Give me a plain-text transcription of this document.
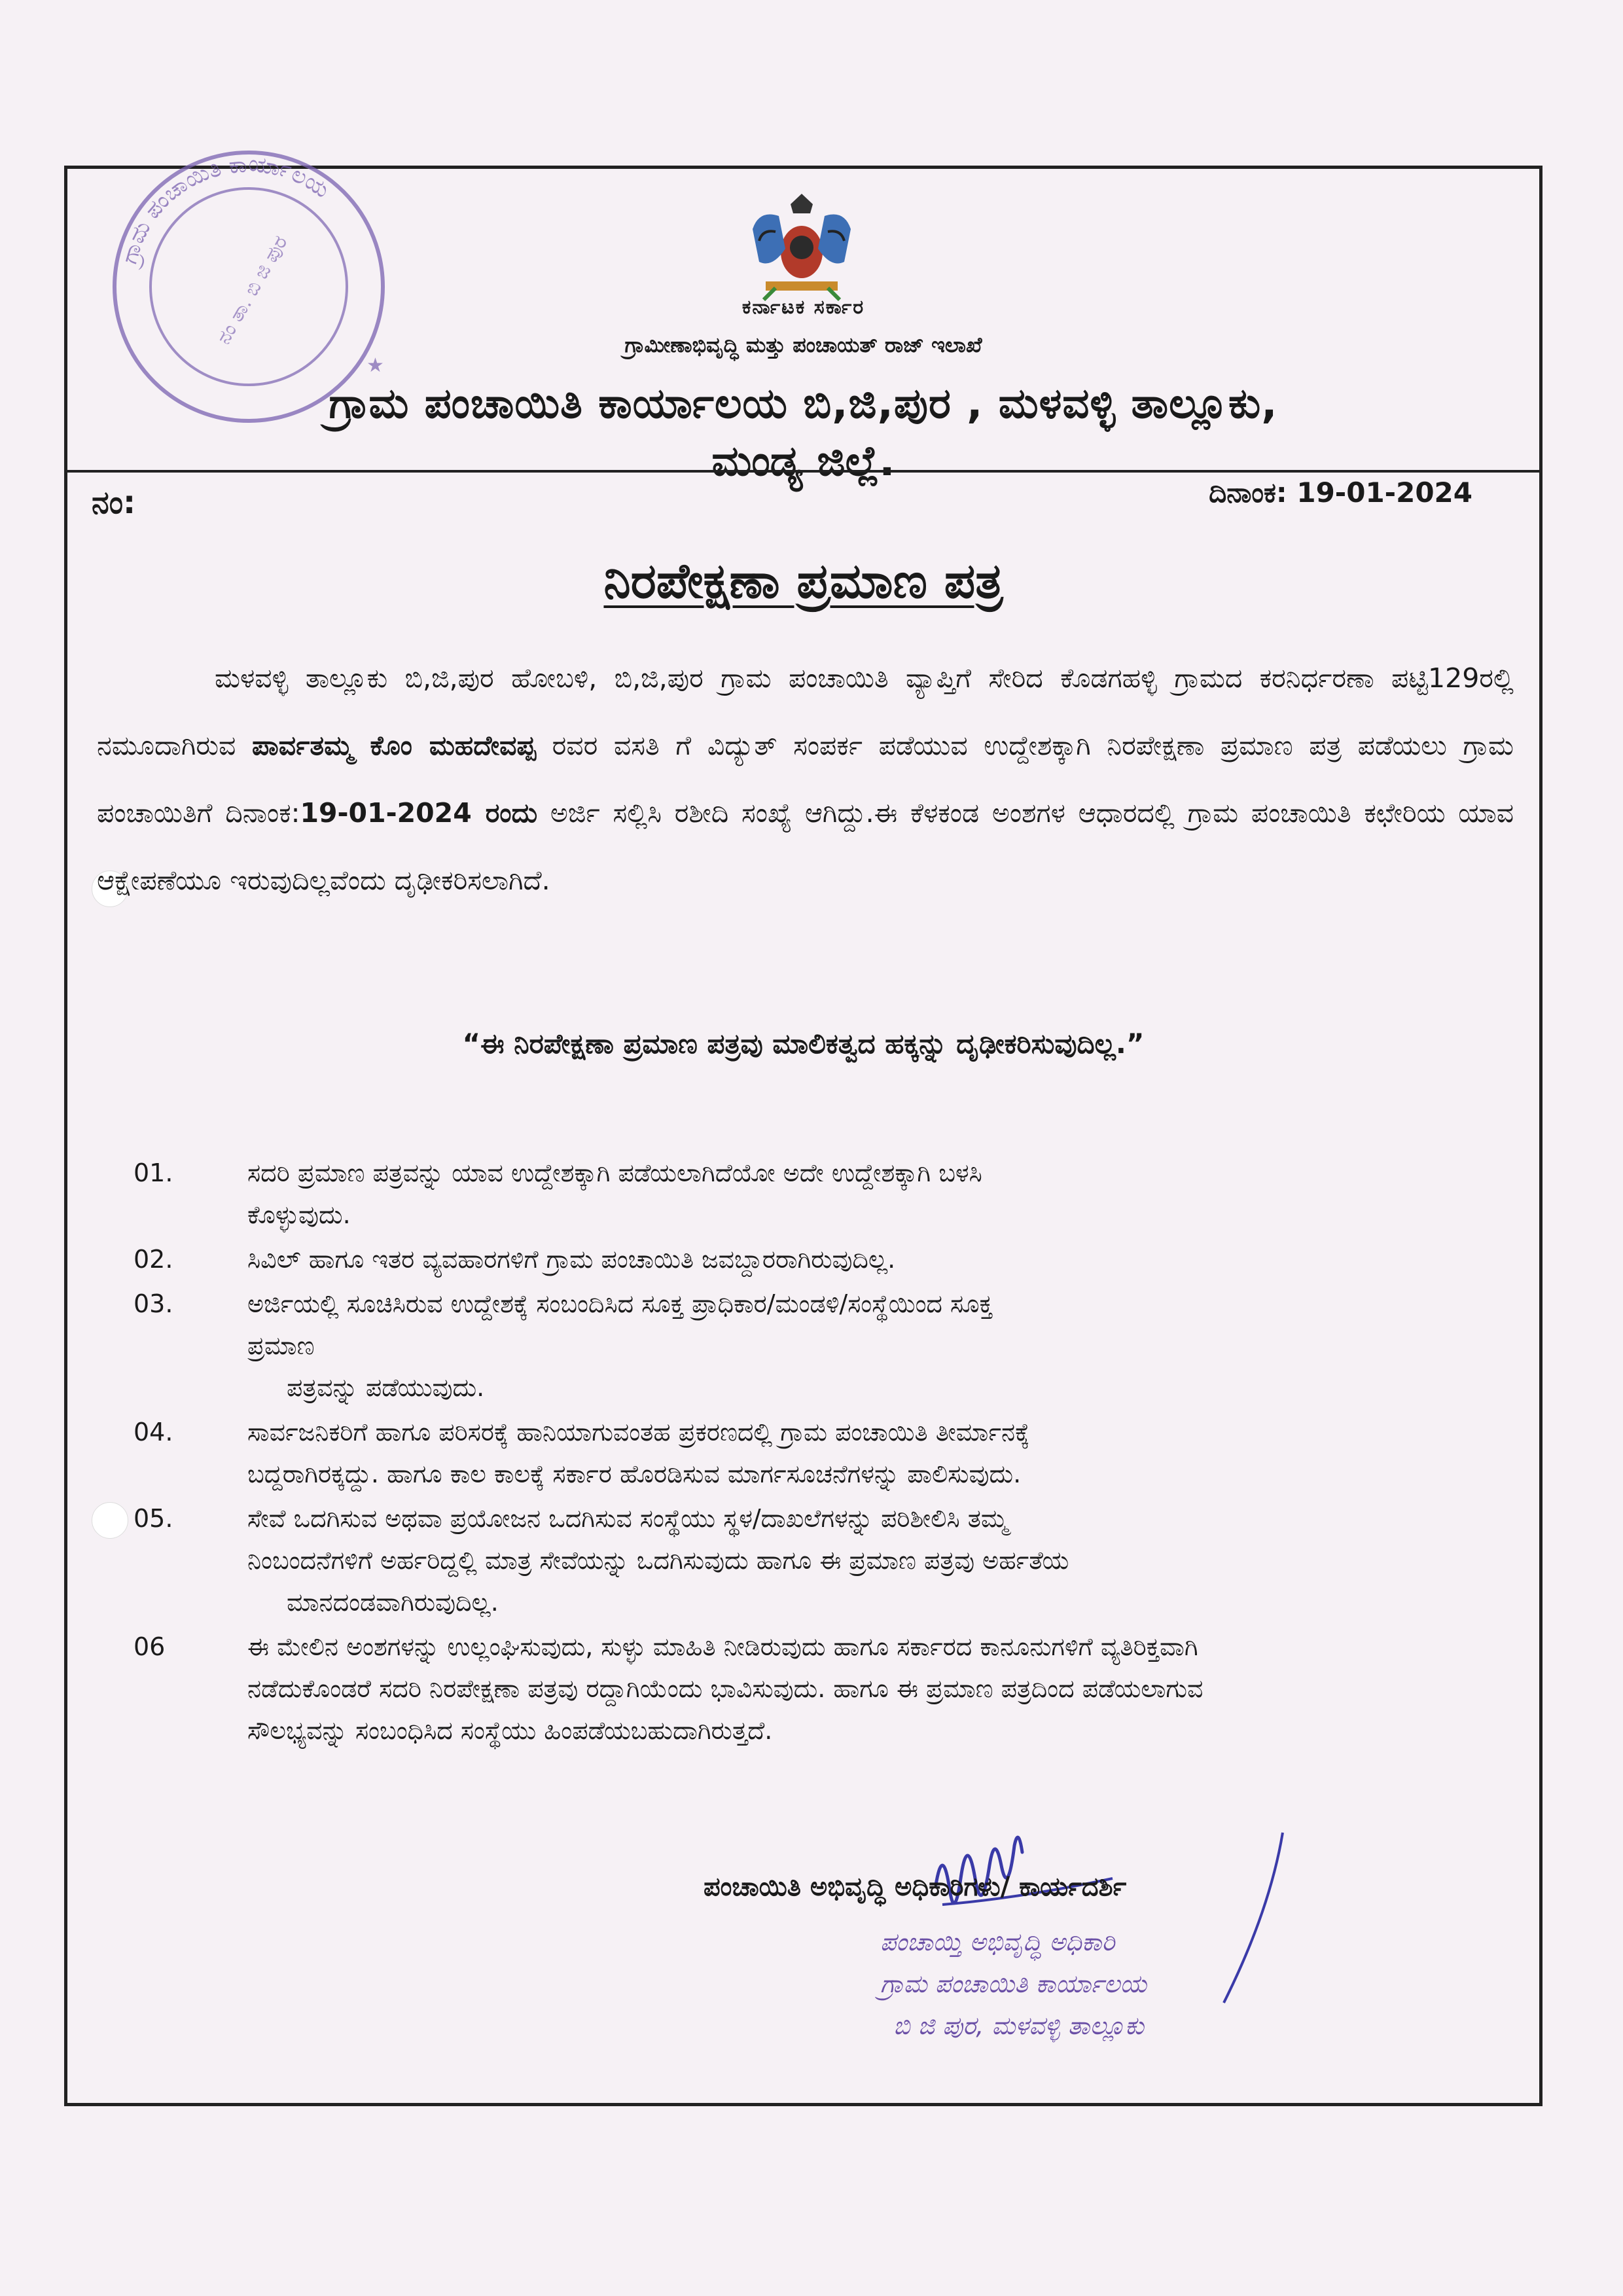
ಗ್ರಾಮ ಪಂಚಾಯಿತಿ ಕಾರ್ಯಾಲಯ
ನಂ ತಾ. ಬಿ ಜಿ ಪುರ
★
ಕರ್ನಾಟಕ ಸರ್ಕಾರ
ಗ್ರಾಮೀಣಾಭಿವೃದ್ಧಿ ಮತ್ತು ಪಂಚಾಯತ್ ರಾಜ್ ಇಲಾಖೆ
ಗ್ರಾಮ ಪಂಚಾಯಿತಿ ಕಾರ್ಯಾಲಯ ಬಿ,ಜಿ,ಪುರ , ಮಳವಳ್ಳಿ ತಾಲ್ಲೂಕು,
ಮಂಡ್ಯ ಜಿಲ್ಲೆ.
ನಂ:	ದಿನಾಂಕ: 19-01-2024
ನಿರಪೇಕ್ಷಣಾ ಪ್ರಮಾಣ ಪತ್ರ
ಮಳವಳ್ಳಿ ತಾಲ್ಲೂಕು ಬಿ,ಜಿ,ಪುರ ಹೋಬಳಿ, ಬಿ,ಜಿ,ಪುರ ಗ್ರಾಮ ಪಂಚಾಯಿತಿ ವ್ಯಾಪ್ತಿಗೆ ಸೇರಿದ ಕೊಡಗಹಳ್ಳಿ ಗ್ರಾಮದ ಕರನಿರ್ಧರಣಾ ಪಟ್ಟಿ129ರಲ್ಲಿ ನಮೂದಾಗಿರುವ ಪಾರ್ವತಮ್ಮ ಕೊಂ ಮಹದೇವಪ್ಪ ರವರ ವಸತಿ ಗೆ ವಿದ್ಯುತ್ ಸಂಪರ್ಕ ಪಡೆಯುವ ಉದ್ದೇಶಕ್ಕಾಗಿ ನಿರಪೇಕ್ಷಣಾ ಪ್ರಮಾಣ ಪತ್ರ ಪಡೆಯಲು ಗ್ರಾಮ ಪಂಚಾಯಿತಿಗೆ ದಿನಾಂಕ:19-01-2024 ರಂದು ಅರ್ಜಿ ಸಲ್ಲಿಸಿ ರಶೀದಿ ಸಂಖ್ಯೆ ಆಗಿದ್ದು.ಈ ಕೆಳಕಂಡ ಅಂಶಗಳ ಆಧಾರದಲ್ಲಿ ಗ್ರಾಮ ಪಂಚಾಯಿತಿ ಕಛೇರಿಯ ಯಾವ ಆಕ್ಷೇಪಣೆಯೂ ಇರುವುದಿಲ್ಲವೆಂದು ದೃಢೀಕರಿಸಲಾಗಿದೆ.
“ಈ ನಿರಪೇಕ್ಷಣಾ ಪ್ರಮಾಣ ಪತ್ರವು ಮಾಲಿಕತ್ವದ ಹಕ್ಕನ್ನು ದೃಢೀಕರಿಸುವುದಿಲ್ಲ.”
01.	ಸದರಿ ಪ್ರಮಾಣ ಪತ್ರವನ್ನು ಯಾವ ಉದ್ದೇಶಕ್ಕಾಗಿ ಪಡೆಯಲಾಗಿದೆಯೋ ಅದೇ ಉದ್ದೇಶಕ್ಕಾಗಿ ಬಳಸಿ
ಕೊಳ್ಳುವುದು.
02.	ಸಿವಿಲ್ ಹಾಗೂ ಇತರ ವ್ಯವಹಾರಗಳಿಗೆ ಗ್ರಾಮ ಪಂಚಾಯಿತಿ ಜವಬ್ದಾರರಾಗಿರುವುದಿಲ್ಲ.
03.	ಅರ್ಜಿಯಲ್ಲಿ ಸೂಚಿಸಿರುವ ಉದ್ದೇಶಕ್ಕೆ ಸಂಬಂದಿಸಿದ ಸೂಕ್ತ ಪ್ರಾಧಿಕಾರ/ಮಂಡಳಿ/ಸಂಸ್ಥೆಯಿಂದ ಸೂಕ್ತ
ಪ್ರಮಾಣ
ಪತ್ರವನ್ನು ಪಡೆಯುವುದು.
04.	ಸಾರ್ವಜನಿಕರಿಗೆ ಹಾಗೂ ಪರಿಸರಕ್ಕೆ ಹಾನಿಯಾಗುವಂತಹ ಪ್ರಕರಣದಲ್ಲಿ ಗ್ರಾಮ ಪಂಚಾಯಿತಿ ತೀರ್ಮಾನಕ್ಕೆ
ಬದ್ದರಾಗಿರಕ್ಕದ್ದು. ಹಾಗೂ ಕಾಲ ಕಾಲಕ್ಕೆ ಸರ್ಕಾರ ಹೊರಡಿಸುವ ಮಾರ್ಗಸೂಚನೆಗಳನ್ನು ಪಾಲಿಸುವುದು.
05.	ಸೇವೆ ಒದಗಿಸುವ ಅಥವಾ ಪ್ರಯೋಜನ ಒದಗಿಸುವ ಸಂಸ್ಥೆಯು ಸ್ಥಳ/ದಾಖಲೆಗಳನ್ನು ಪರಿಶೀಲಿಸಿ ತಮ್ಮ
ನಿಂಬಂದನೆಗಳಿಗೆ ಅರ್ಹರಿದ್ದಲ್ಲಿ ಮಾತ್ರ ಸೇವೆಯನ್ನು ಒದಗಿಸುವುದು ಹಾಗೂ ಈ ಪ್ರಮಾಣ ಪತ್ರವು ಅರ್ಹತೆಯ
ಮಾನದಂಡವಾಗಿರುವುದಿಲ್ಲ.
06	ಈ ಮೇಲಿನ ಅಂಶಗಳನ್ನು ಉಲ್ಲಂಘಿಸುವುದು, ಸುಳ್ಳು ಮಾಹಿತಿ ನೀಡಿರುವುದು ಹಾಗೂ ಸರ್ಕಾರದ ಕಾನೂನುಗಳಿಗೆ ವ್ಯತಿರಿಕ್ತವಾಗಿ
ನಡೆದುಕೊಂಡರೆ ಸದರಿ ನಿರಪೇಕ್ಷಣಾ ಪತ್ರವು ರದ್ದಾಗಿಯೆಂದು ಭಾವಿಸುವುದು. ಹಾಗೂ ಈ ಪ್ರಮಾಣ ಪತ್ರದಿಂದ ಪಡೆಯಲಾಗುವ
ಸೌಲಭ್ಯವನ್ನು ಸಂಬಂಧಿಸಿದ ಸಂಸ್ಥೆಯು ಹಿಂಪಡೆಯಬಹುದಾಗಿರುತ್ತದೆ.
ಪಂಚಾಯಿತಿ ಅಭಿವೃದ್ಧಿ ಅಧಿಕಾರಿಗಳು/ ಕಾರ್ಯದರ್ಶಿ
ಪಂಚಾಯ್ತಿ ಅಭಿವೃದ್ಧಿ ಅಧಿಕಾರಿ
ಗ್ರಾಮ ಪಂಚಾಯಿತಿ ಕಾರ್ಯಾಲಯ
ಬಿ ಜಿ ಪುರ, ಮಳವಳ್ಳಿ ತಾಲ್ಲೂಕು
